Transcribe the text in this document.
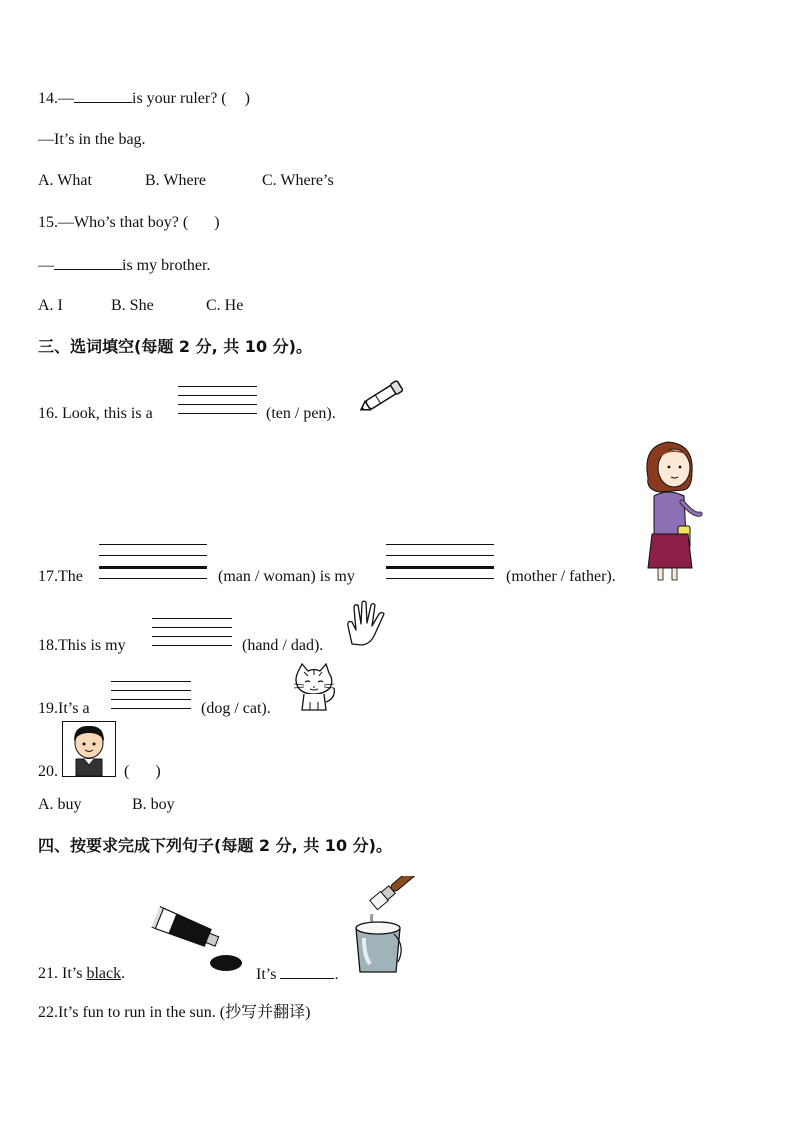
14.—	is your ruler? ( )
—It’s in the bag.
A. What	B. Where	C. Where’s
15.—Who’s that boy? ( )
—	is my brother.
A. I	B. She	C. He
三、选词填空(每题 2 分, 共 10 分)。
16. Look, this is a	(ten / pen).
17.The	(man / woman) is my	(mother / father).
18.This is my	(hand / dad).
19.It’s a	(dog / cat).
20.	( )
A. buy	B. boy
四、按要求完成下列句子(每题 2 分, 共 10 分)。
21. It’s black.	It’s	.
22.It’s fun to run in the sun. (抄写并翻译)
